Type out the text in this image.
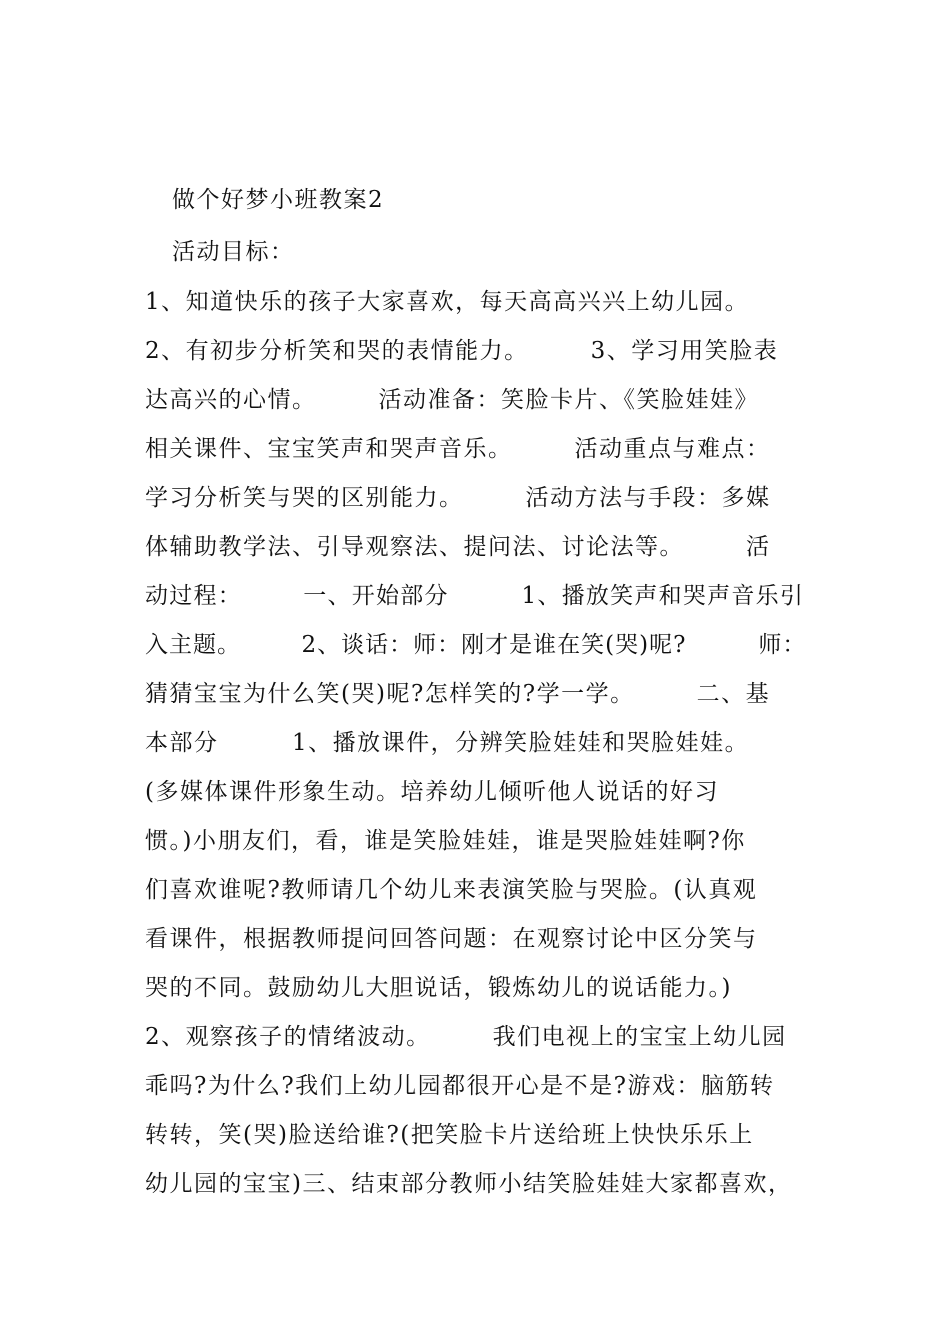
做个好梦小班教案2
活动目标：
1、知道快乐的孩子大家喜欢，每天高高兴兴上幼儿园。
2、有初步分析笑和哭的表情能力。　　　3、学习用笑脸表
达高兴的心情。　　　活动准备：笑脸卡片、《笑脸娃娃》
相关课件、宝宝笑声和哭声音乐。　　　活动重点与难点：
学习分析笑与哭的区别能力。　　　活动方法与手段：多媒
体辅助教学法、引导观察法、提问法、讨论法等。　　　活
动过程：　　　一、开始部分　　　1、播放笑声和哭声音乐引
入主题。　　　2、谈话：师：刚才是谁在笑(哭)呢?　　　师：
猜猜宝宝为什么笑(哭)呢?怎样笑的?学一学。　　　二、基
本部分　　　1、播放课件，分辨笑脸娃娃和哭脸娃娃。
(多媒体课件形象生动。培养幼儿倾听他人说话的好习
惯。)小朋友们，看，谁是笑脸娃娃，谁是哭脸娃娃啊?你
们喜欢谁呢?教师请几个幼儿来表演笑脸与哭脸。(认真观
看课件，根据教师提问回答问题：在观察讨论中区分笑与
哭的不同。鼓励幼儿大胆说话，锻炼幼儿的说话能力。)
2、观察孩子的情绪波动。　　　我们电视上的宝宝上幼儿园
乖吗?为什么?我们上幼儿园都很开心是不是?游戏：脑筋转
转转，笑(哭)脸送给谁?(把笑脸卡片送给班上快快乐乐上
幼儿园的宝宝)三、结束部分教师小结笑脸娃娃大家都喜欢，
